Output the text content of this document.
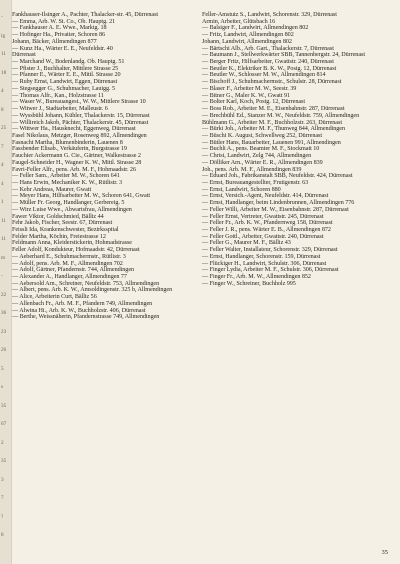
-
ig
11
18
4
8
25
7
4
4
1
11
11
m
-
22
36
23
26
5
s
35
67
2
35
3
7
?
8

Fankhauser-Ilsinger A., Pachter, Thalacker-str. 45, Dürrenast

— Emma, Arb. W. St. Co., Ob. Hauptg. 21

— Fankhauser A. E. Wwe., Marktg. 18

— Hofinger Ha., Privatier, Schoren 86

Johann, Bäcker, Allmendingen 877

— Kunz Ha., Wärter E. E., Neufeldstr. 40

Dürrenast

— Marchand W., Bodenlandg. Ob. Hauptg. 51

— Pfister J., Buchhalter, Mittlere Strasse 25

— Pfanner E., Wärter E. E., Mittl. Strasse 20

— Ruby Ernst, Landwirt, Eggen, Dürrenast

— Stegsegger G., Schuhmacher, Lauigg. 5

— Thomas Alfr., Kan., Holzstrasse 11

— Waser W., Bureauangest., W. W., Mittlere Strasse 10

— Witwer J., Stadtarbeiter, Malleustr. 6

— Wyssbühl Johann, Kühler, Thalackerstr. 15, Dürrenast

— Willireich Jakob, Pächter, Thalackerstr. 45, Dürrenast

— Wittwer Ha., Hausknecht, Eggenweg, Dürrenast

Fasel Nikolaus, Metzger, Rosenweg 892, Allmendingen

Fasnacht Martha, Blumenbinderin, Lauenen 8

Fassbender Elisab., Verkäuferin, Burgstrasse 19

Fauchier Ackermann G. Cie., Gärtner, Walkestrasse 2

Faugel-Schneider H., Wagner K. W., Mittl. Strasse 28

Favri-Feller Alfr., pens. Arb. M. F., Hohmaadstr. 26

— Feller Sam., Arbeiter M. W., Schoren 641

— Hans Erwin, Mechaniker K. W., Rütlistr. 3

— Kehr Andreas, Maurer, Gwatt

— Meyer Hans, Hilfsarbeiter M. W., Schoren 641, Gwatt

— Müller Fr. Georg, Handlanger, Gerbereig. 5

— Wirz Luise Wwe., Abwartsfrau, Allmendingen

Fawer Viktor, Goldschmied, Bälliz 44

Fehr Jakob, Fischer, Seestr. 67, Dürrenast

Feissli Ida, Krankenschwester, Bezirksspital

Felder Martha, Köchin, Freiestrasse 12

Feldmann Anna, Kleiderstickerin, Hohmadstrasse

Feller Adolf, Kondukteur, Hofmaadstr. 42, Dürrenast

— Aeberhard E., Schuhmachermstr., Rütlistr. 3

— Adolf, pens. Arb. M. F., Allmendingen 702

— Adolf, Gärtner, Pfandernstr. 744, Allmendingen

— Alexander A., Handlanger, Allmendingen 77

— Aebersold Arn., Schreiner, Neufeldstr. 753, Allmendingen

— Albert, pens. Arb. K. W., Amsoldingenstr. 325 b, Allmendingen

— Alice, Arbeiterin Curt, Bälliz 56

— Allenbach Fr., Arb. M. F., Pfandern 749, Allmendingen

— Alwina Hi., Arb. K. W., Buchholzstr. 406, Dürrenast

— Berthe, Weissnäherin, Pfandernstrasse 749, Allmendingen

Feller-Amstutz S., Landwirt, Schorenstr. 329, Dürrenast

Armin, Arbeiter, Glütsbach 16

— Balsiger F., Landwirt, Allmendingen 802

— Fritz, Landwirt, Allmendingen 802

Johann, Landwirt, Allmendingen 802

— Bärtschi Alb., Arb. Gart., Thalackerstr. 7, Dürrenast

— Baumann J., Stellwerkwärter SBB, Tannenbergstr. 24, Dürrenast

— Berger Fritz, Hilfsarbeiter, Gwattstr. 240, Dürrenast

— Beutler K., Elektriker B. K. W., Postg. 12, Dürrenast

— Beutler W., Schlosser M. W., Allmendingen 814

— Bischoff J., Schuhmachermstr., Schulstr. 28, Dürrenast

— Blaser F., Arbeiter M. W., Seestr. 39

— Bitner G., Maler K. W., Gwatt 91

— Bolter Karl, Koch, Postg. 12, Dürrenast

— Boss Rob., Arbeiter M. E., Eisenbahnstr. 287, Dürrenast

— Brechbühl Ed., Stanzer M. W., Neufeldstr. 759, Allmendingen

Bühlmann G., Arbeiter M. F., Buchholzstr. 263, Dürrenast

— Bürki Joh., Arbeiter M. F., Thunweg 844, Allmendingen

— Büschi K. August, Schwellweg 252, Dürrenast

— Bütler Hans, Bauarbeiter, Lauenen 991, Allmendingen

— Buchli A., pens. Beamter M. F., Stockmatt 10

— Christ, Landwirt, Zelg 744, Allmendingen

— Dölliker Arn., Wärter E. R., Allmendingen 839

Joh., pens. Arb. M. F., Allmendingen 839

— Eduard Joh., Fabrikanstalt SBB, Neufeldstr. 424, Dürrenast

— Ernst, Bureauangestellter, Frutigenstr. 63

— Ernst, Landwirt, Schoren 880

— Ernst, Versich.-Agent, Neufeldstr. 414, Dürrenast

— Ernst, Handlanger, beim Lindenbrunnen, Allmendingen 776

— Feller Willi, Arbeiter M. W., Eisenbahnstr. 287, Dürrenast

— Feller Ernst, Vertreter, Gwattstr. 245, Dürrenast

— Feller Fr., Arb. K. W., Pfandernweg 158, Dürrenast

— Feller J. R., pens. Wärter E. B., Allmendingen 872

— Feller Gottl., Arbeiter, Gwattstr. 240, Dürrenast

— Feller G., Maurer M. F., Bälliz 43

— Feller Walter, Installateur, Schorenstr. 329, Dürrenast

— Ernst, Handlanger, Schorenstr. 159, Dürrenast

— Flückiger H., Landwirt, Schulstr. 306, Dürrenast

— Finger Lydia, Arbeiter M. F., Schulstr. 306, Dürrenast

— Finger Fr., Arb. M. W., Allmendingen 852

— Finger W., Schreiner, Buchholz 995

35
